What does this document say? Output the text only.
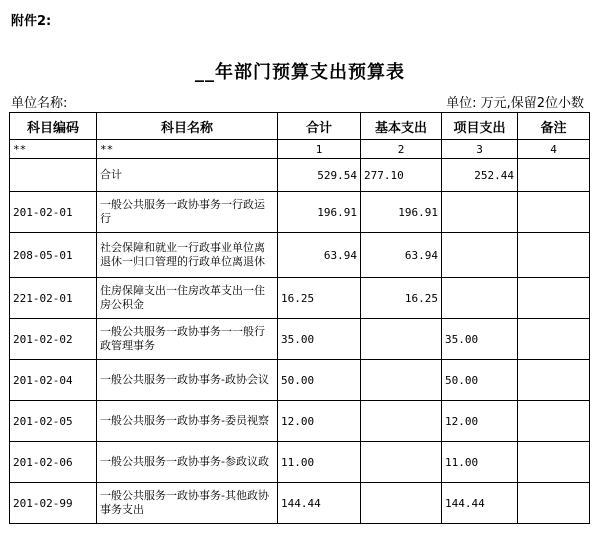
附件2:
__年部门预算支出预算表
单位名称:	单位: 万元,保留2位小数
科目编码	科目名称	合计	基本支出	项目支出	备注
**	**	1	2	3	4
	合计	529.54	277.10	252.44	
201-02-01	一般公共服务一政协事务一行政运行	196.91	196.91		
208-05-01	社会保障和就业一行政事业单位离退休一归口管理的行政单位离退休	63.94	63.94		
221-02-01	住房保障支出一住房改革支出一住房公积金	16.25	16.25		
201-02-02	一般公共服务一政协事务一一般行政管理事务	35.00		35.00	
201-02-04	一般公共服务一政协事务-政协会议	50.00		50.00	
201-02-05	一般公共服务一政协事务-委员视察	12.00		12.00	
201-02-06	一般公共服务一政协事务-参政议政	11.00		11.00	
201-02-99	一般公共服务一政协事务-其他政协事务支出	144.44		144.44	
